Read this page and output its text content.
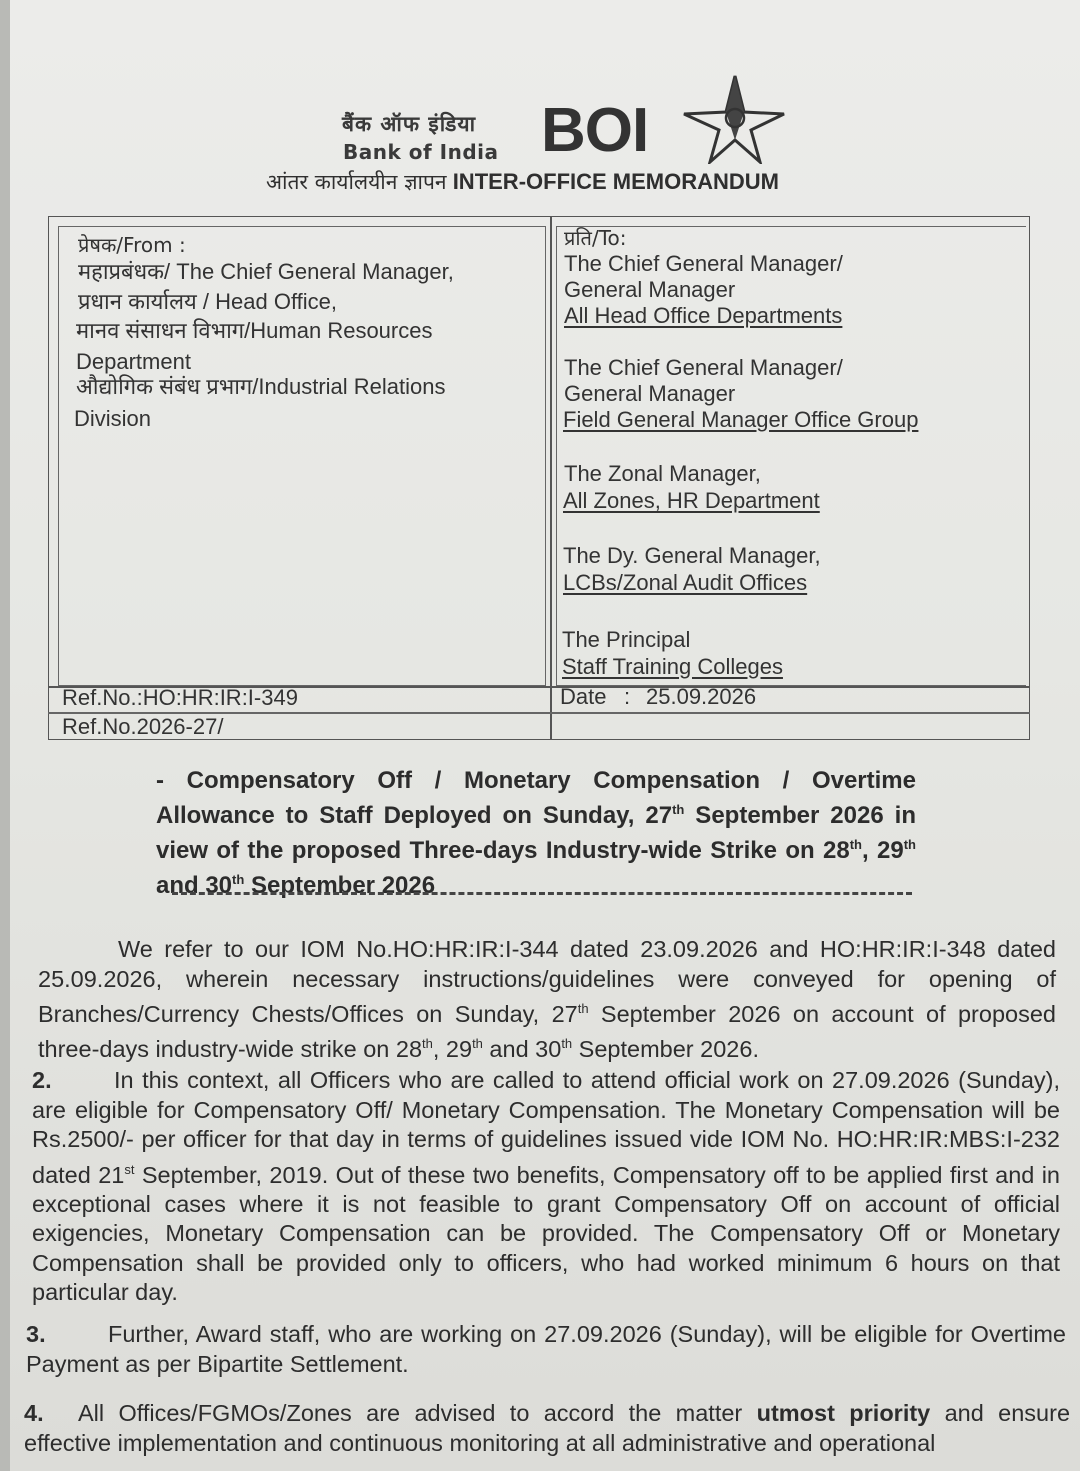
बैंक ऑफ इंडिया
Bank of India BOI
आंतर कार्यालयीन ज्ञापन INTER-OFFICE MEMORANDUM
प्रेषक/From :
महाप्रबंधक/ The Chief General Manager,
प्रधान कार्यालय / Head Office,
मानव संसाधन विभाग/Human Resources
Department
औद्योगिक संबंध प्रभाग/Industrial Relations
Division
प्रति/To:
The Chief General Manager/
General Manager
All Head Office Departments
The Chief General Manager/
General Manager
Field General Manager Office Group
The Zonal Manager,
All Zones, HR Department
The Dy. General Manager,
LCBs/Zonal Audit Offices
The Principal
Staff Training Colleges
Ref.No.:HO:HR:IR:I-349
Ref.No.2026-27/
Date : 25.09.2026
- Compensatory Off / Monetary Compensation / Overtime Allowance to Staff Deployed on Sunday, 27th September 2026 in view of the proposed Three-days Industry-wide Strike on 28th, 29th and 30th September 2026
We refer to our IOM No.HO:HR:IR:I-344 dated 23.09.2026 and HO:HR:IR:I-348 dated 25.09.2026, wherein necessary instructions/guidelines were conveyed for opening of Branches/Currency Chests/Offices on Sunday, 27th September 2026 on account of proposed three-days industry-wide strike on 28th, 29th and 30th September 2026.
2.	In this context, all Officers who are called to attend official work on 27.09.2026 (Sunday), are eligible for Compensatory Off/ Monetary Compensation. The Monetary Compensation will be Rs.2500/- per officer for that day in terms of guidelines issued vide IOM No. HO:HR:IR:MBS:I-232 dated 21st September, 2019. Out of these two benefits, Compensatory off to be applied first and in exceptional cases where it is not feasible to grant Compensatory Off on account of official exigencies, Monetary Compensation can be provided. The Compensatory Off or Monetary Compensation shall be provided only to officers, who had worked minimum 6 hours on that particular day.
3.	Further, Award staff, who are working on 27.09.2026 (Sunday), will be eligible for Overtime Payment as per Bipartite Settlement.
4. All Offices/FGMOs/Zones are advised to accord the matter utmost priority and ensure effective implementation and continuous monitoring at all administrative and operational
